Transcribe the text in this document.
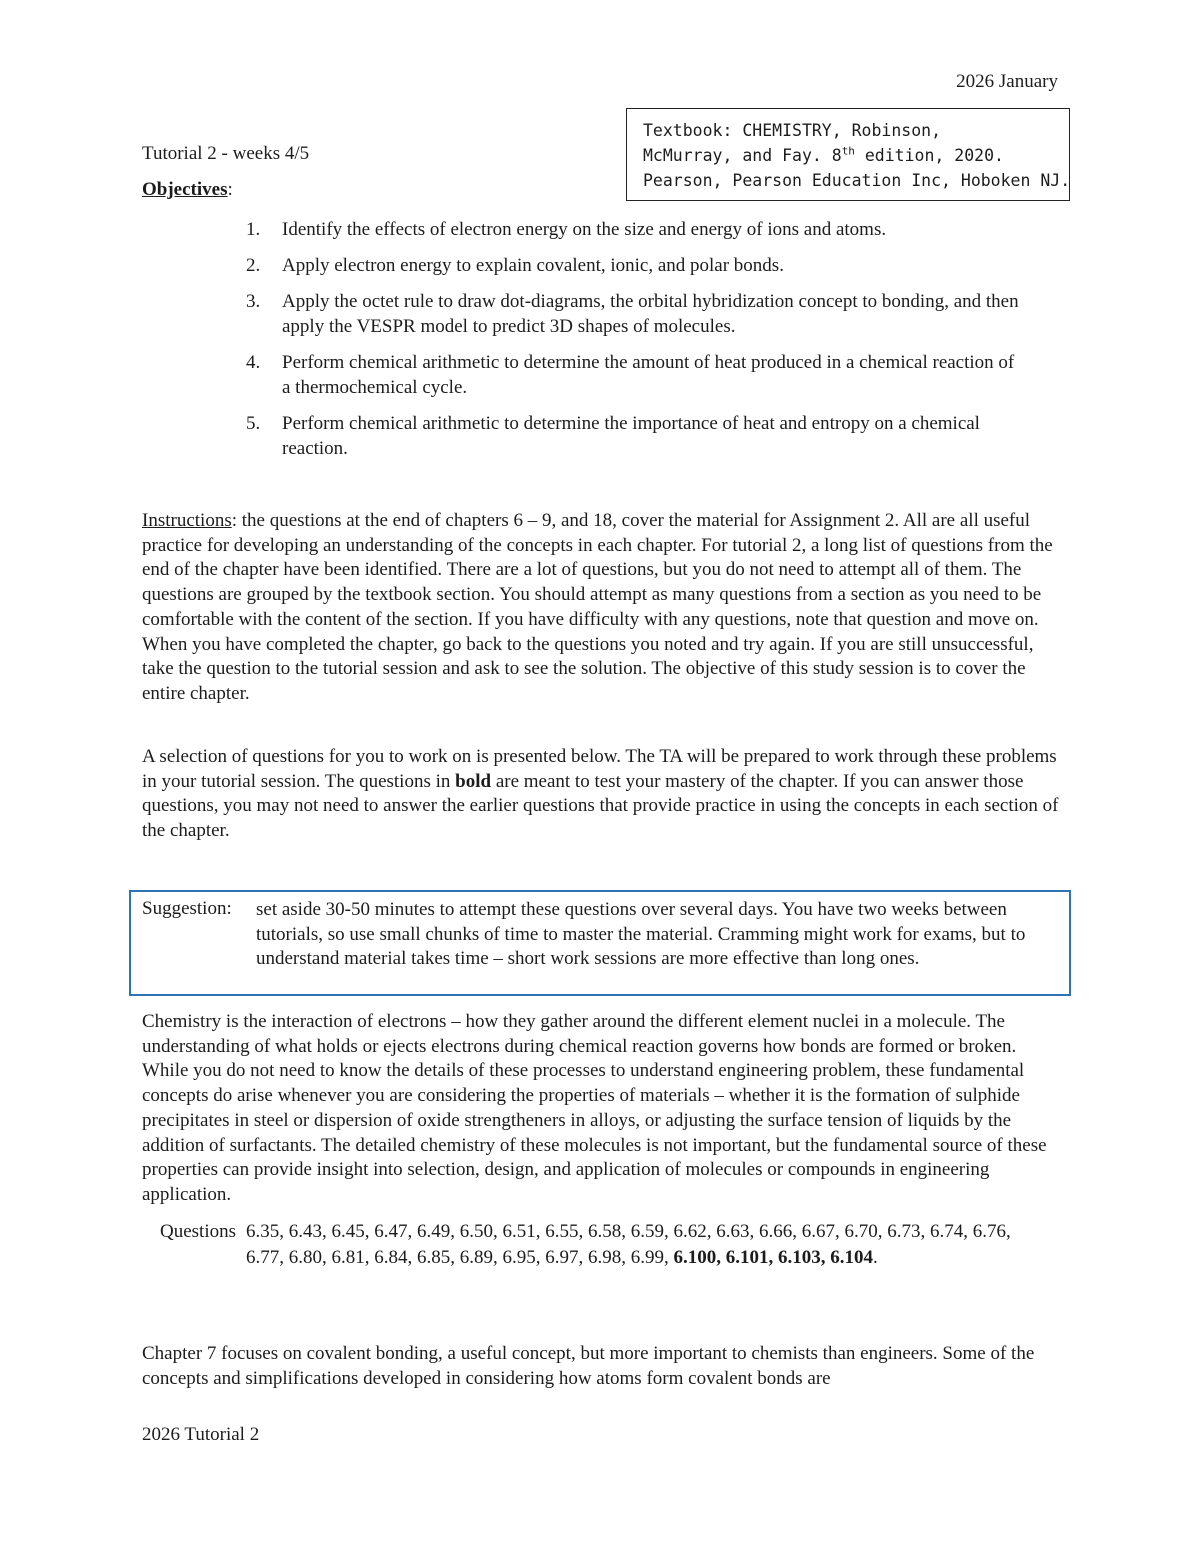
2026 January
Textbook: CHEMISTRY, Robinson,
McMurray, and Fay. 8th edition, 2020.
Pearson, Pearson Education Inc, Hoboken NJ.
Tutorial 2 - weeks 4/5
Objectives:
1. Identify the effects of electron energy on the size and energy of ions and atoms.
2. Apply electron energy to explain covalent, ionic, and polar bonds.
3. Apply the octet rule to draw dot-diagrams, the orbital hybridization concept to bonding, and then apply the VESPR model to predict 3D shapes of molecules.
4. Perform chemical arithmetic to determine the amount of heat produced in a chemical reaction of a thermochemical cycle.
5. Perform chemical arithmetic to determine the importance of heat and entropy on a chemical reaction.

Instructions: the questions at the end of chapters 6 – 9, and 18, cover the material for Assignment 2. All are all useful practice for developing an understanding of the concepts in each chapter. For tutorial 2, a long list of questions from the end of the chapter have been identified. There are a lot of questions, but you do not need to attempt all of them. The questions are grouped by the textbook section. You should attempt as many questions from a section as you need to be comfortable with the content of the section. If you have difficulty with any questions, note that question and move on. When you have completed the chapter, go back to the questions you noted and try again. If you are still unsuccessful, take the question to the tutorial session and ask to see the solution. The objective of this study session is to cover the entire chapter.

A selection of questions for you to work on is presented below. The TA will be prepared to work through these problems in your tutorial session. The questions in bold are meant to test your mastery of the chapter. If you can answer those questions, you may not need to answer the earlier questions that provide practice in using the concepts in each section of the chapter.

Suggestion: set aside 30-50 minutes to attempt these questions over several days. You have two weeks between tutorials, so use small chunks of time to master the material. Cramming might work for exams, but to understand material takes time – short work sessions are more effective than long ones.

Chemistry is the interaction of electrons – how they gather around the different element nuclei in a molecule. The understanding of what holds or ejects electrons during chemical reaction governs how bonds are formed or broken. While you do not need to know the details of these processes to understand engineering problem, these fundamental concepts do arise whenever you are considering the properties of materials – whether it is the formation of sulphide precipitates in steel or dispersion of oxide strengtheners in alloys, or adjusting the surface tension of liquids by the addition of surfactants. The detailed chemistry of these molecules is not important, but the fundamental source of these properties can provide insight into selection, design, and application of molecules or compounds in engineering application.

Questions 6.35, 6.43, 6.45, 6.47, 6.49, 6.50, 6.51, 6.55, 6.58, 6.59, 6.62, 6.63, 6.66, 6.67, 6.70, 6.73, 6.74, 6.76, 6.77, 6.80, 6.81, 6.84, 6.85, 6.89, 6.95, 6.97, 6.98, 6.99, 6.100, 6.101, 6.103, 6.104.

Chapter 7 focuses on covalent bonding, a useful concept, but more important to chemists than engineers. Some of the concepts and simplifications developed in considering how atoms form covalent bonds are

2026 Tutorial 2
